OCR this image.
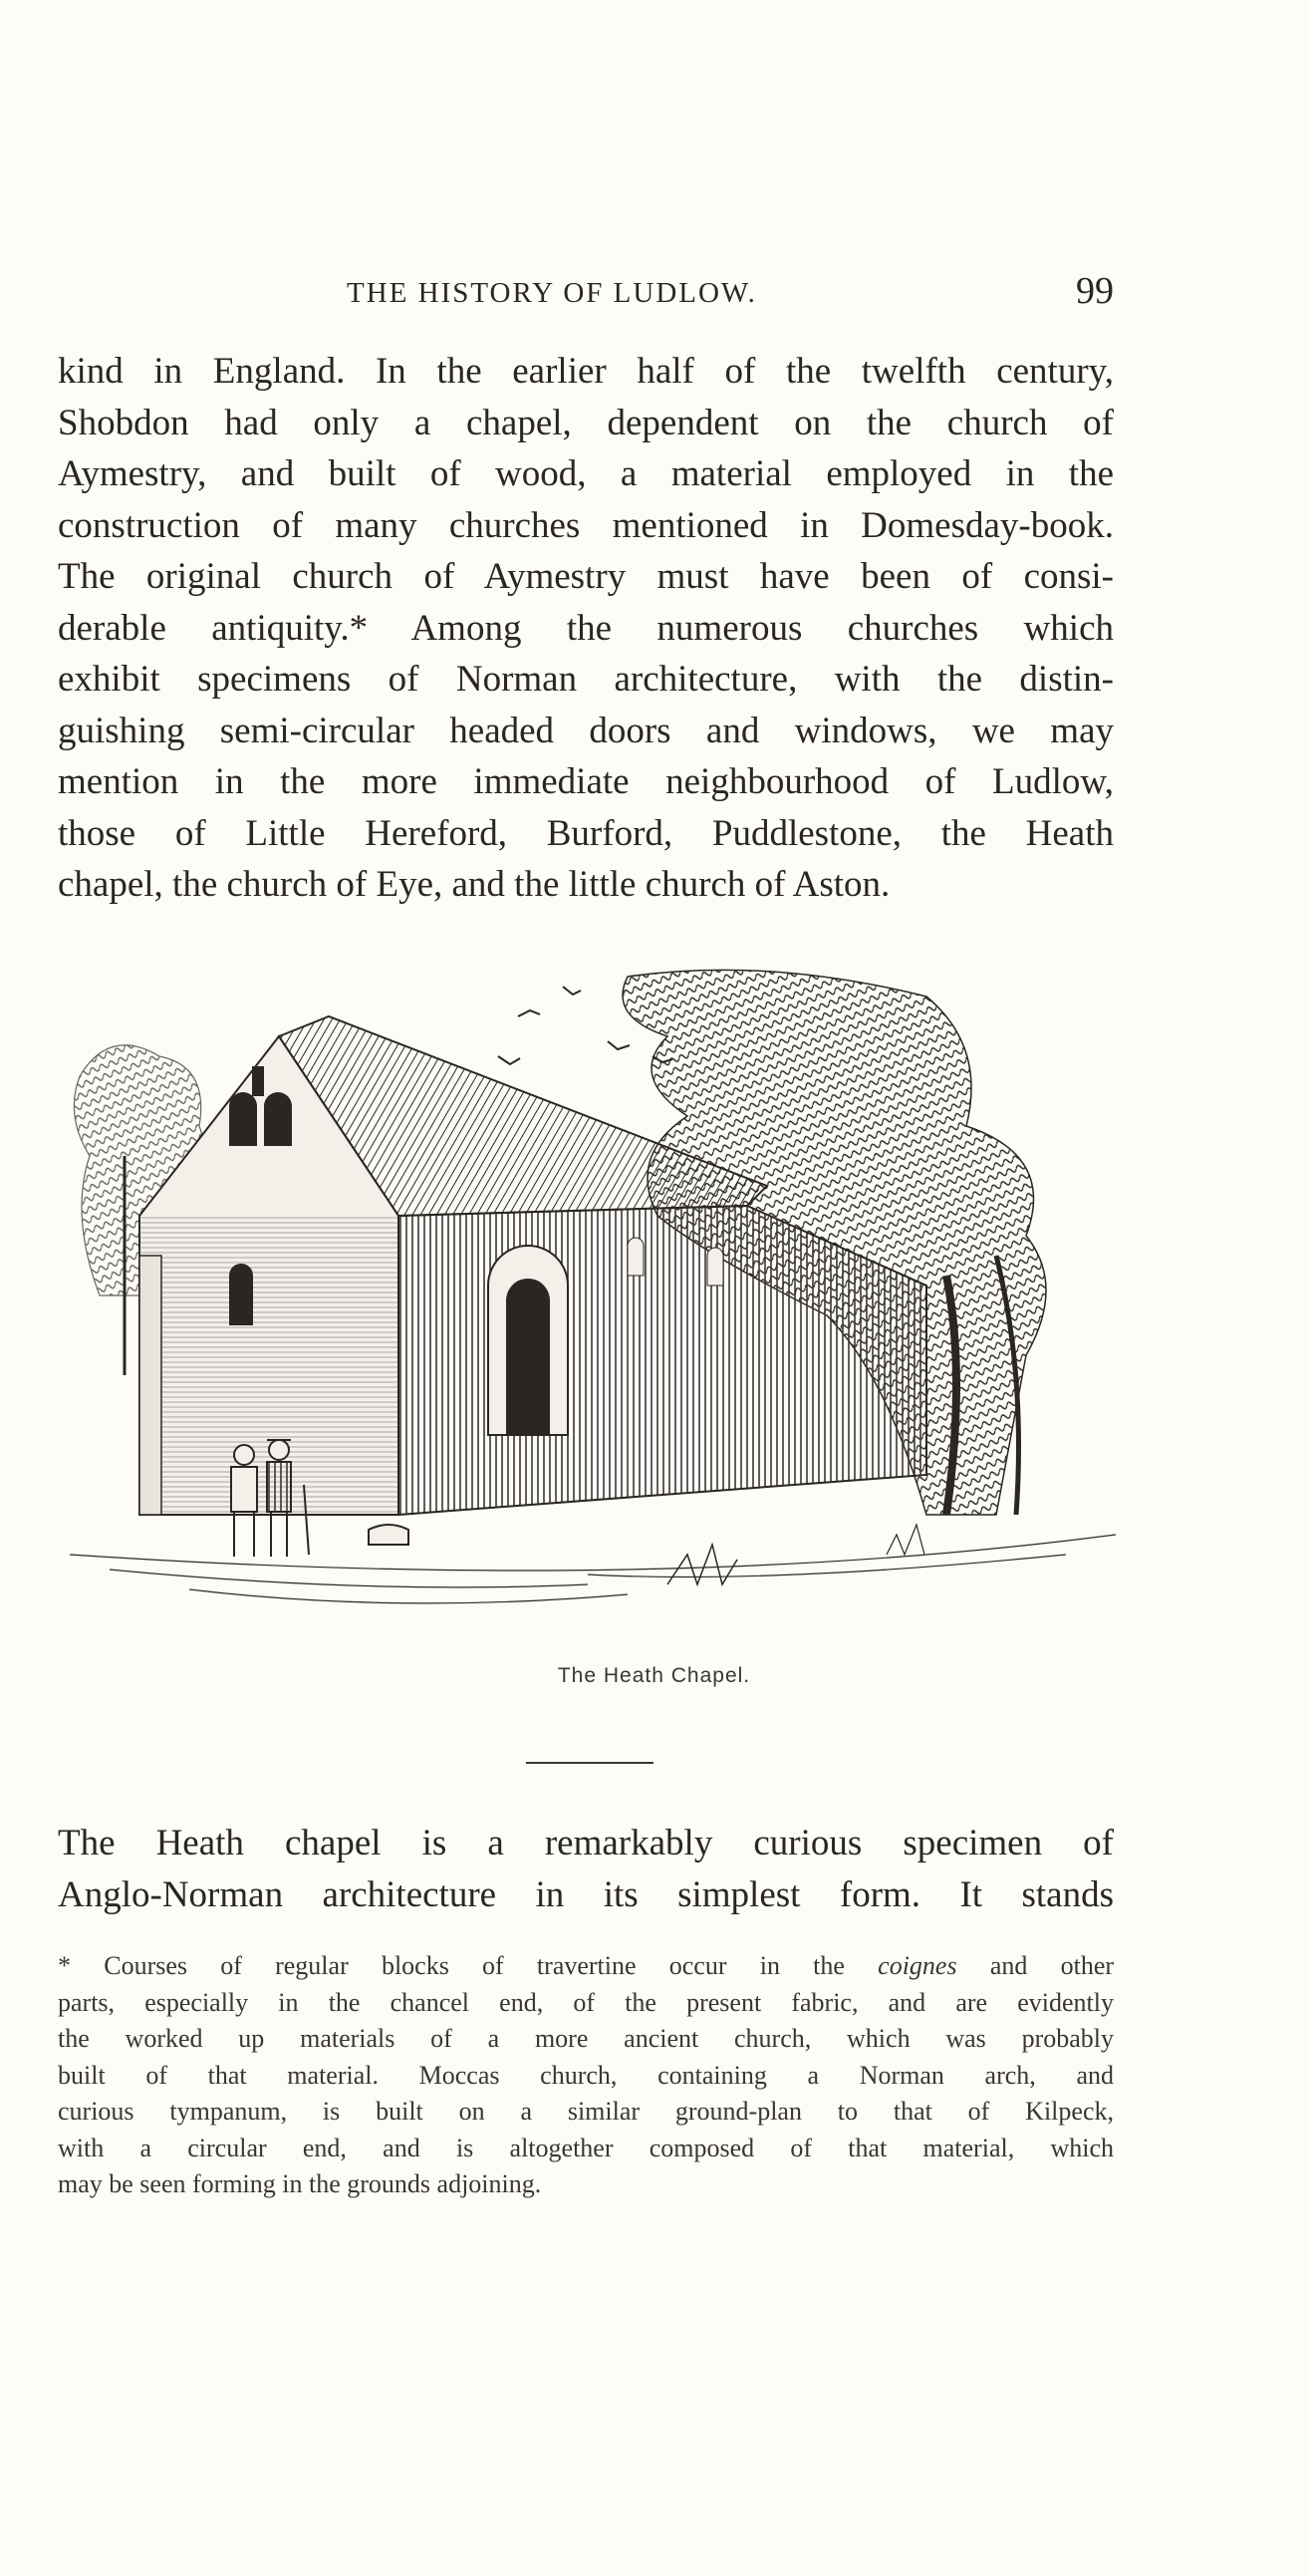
THE HISTORY OF LUDLOW.	99
kind in England. In the earlier half of the twelfth century,
Shobdon had only a chapel, dependent on the church of
Aymestry, and built of wood, a material employed in the
construction of many churches mentioned in Domesday-book.
The original church of Aymestry must have been of consi-
derable antiquity.* Among the numerous churches which
exhibit specimens of Norman architecture, with the distin-
guishing semi-circular headed doors and windows, we may
mention in the more immediate neighbourhood of Ludlow,
those of Little Hereford, Burford, Puddlestone, the Heath
chapel, the church of Eye, and the little church of Aston.
The Heath Chapel.
The Heath chapel is a remarkably curious specimen of
Anglo-Norman architecture in its simplest form. It stands
* Courses of regular blocks of travertine occur in the coignes and other
parts, especially in the chancel end, of the present fabric, and are evidently
the worked up materials of a more ancient church, which was probably
built of that material. Moccas church, containing a Norman arch, and
curious tympanum, is built on a similar ground-plan to that of Kilpeck,
with a circular end, and is altogether composed of that material, which
may be seen forming in the grounds adjoining.
